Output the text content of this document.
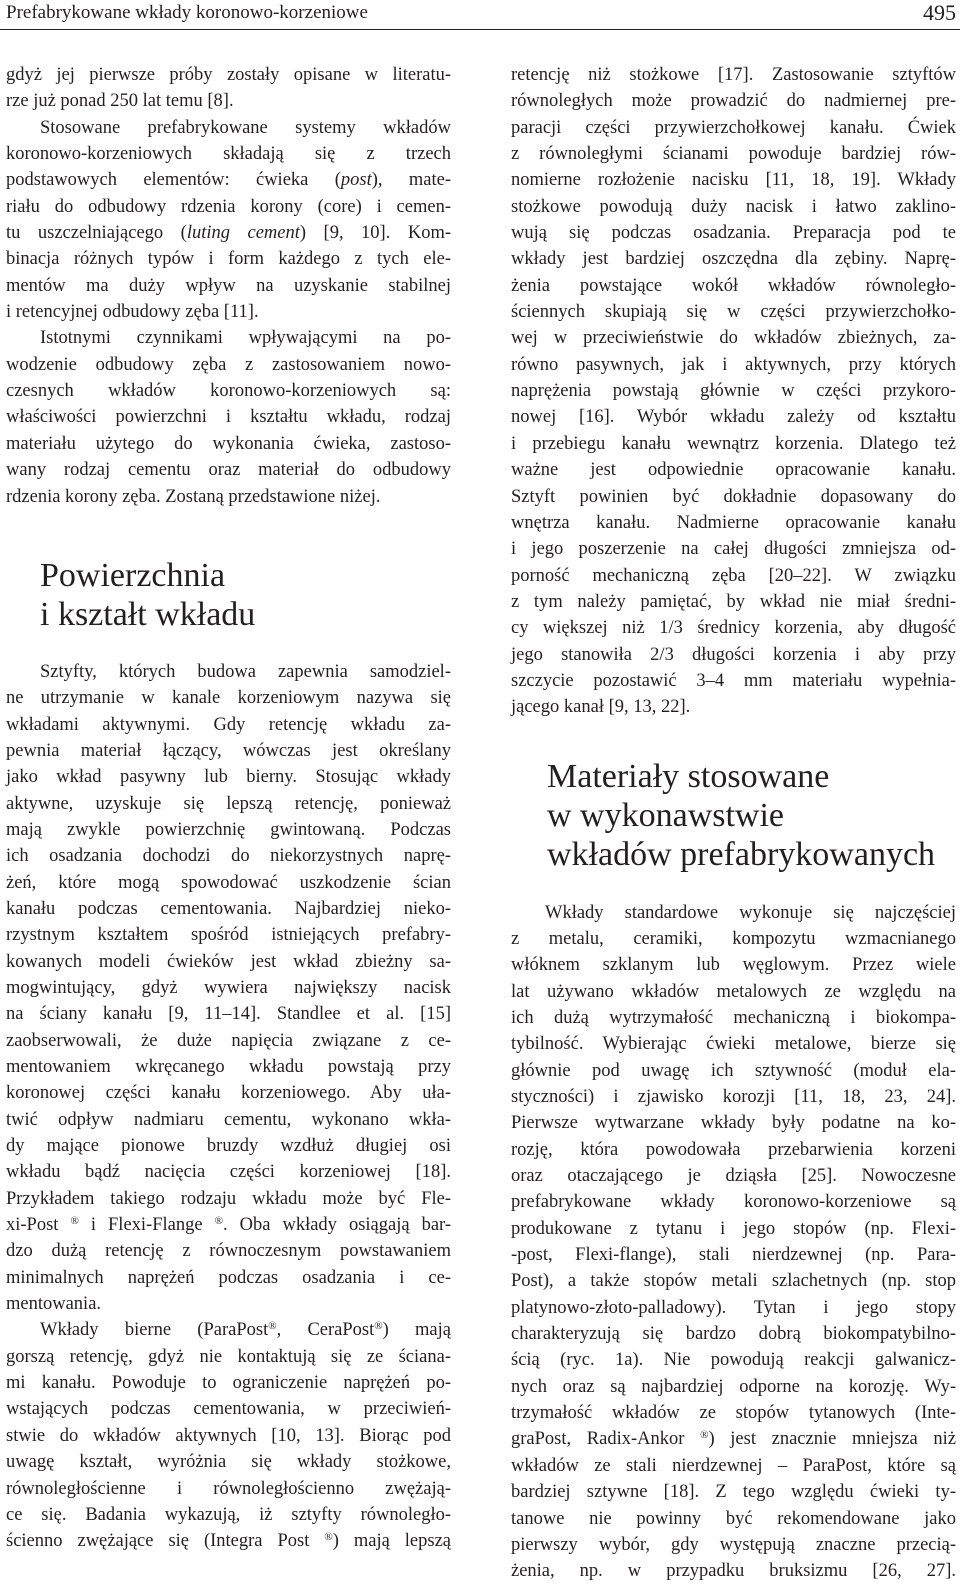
Prefabrykowane wkłady koronowo-korzeniowe	495
gdyż jej pierwsze próby zostały opisane w literatu-
rze już ponad 250 lat temu [8].
Stosowane prefabrykowane systemy wkładów
koronowo-korzeniowych składają się z trzech
podstawowych elementów: ćwieka (post), mate-
riału do odbudowy rdzenia korony (core) i cemen-
tu uszczelniającego (luting cement) [9, 10]. Kom-
binacja różnych typów i form każdego z tych ele-
mentów ma duży wpływ na uzyskanie stabilnej
i retencyjnej odbudowy zęba [11].
Istotnymi czynnikami wpływającymi na po-
wodzenie odbudowy zęba z zastosowaniem nowo-
czesnych wkładów koronowo-korzeniowych są:
właściwości powierzchni i kształtu wkładu, rodzaj
materiału użytego do wykonania ćwieka, zastoso-
wany rodzaj cementu oraz materiał do odbudowy
rdzenia korony zęba. Zostaną przedstawione niżej.
Powierzchnia
i kształt wkładu
Sztyfty, których budowa zapewnia samodziel-
ne utrzymanie w kanale korzeniowym nazywa się
wkładami aktywnymi. Gdy retencję wkładu za-
pewnia materiał łączący, wówczas jest określany
jako wkład pasywny lub bierny. Stosując wkłady
aktywne, uzyskuje się lepszą retencję, ponieważ
mają zwykle powierzchnię gwintowaną. Podczas
ich osadzania dochodzi do niekorzystnych naprę-
żeń, które mogą spowodować uszkodzenie ścian
kanału podczas cementowania. Najbardziej nieko-
rzystnym kształtem spośród istniejących prefabry-
kowanych modeli ćwieków jest wkład zbieżny sa-
mogwintujący, gdyż wywiera największy nacisk
na ściany kanału [9, 11–14]. Standlee et al. [15]
zaobserwowali, że duże napięcia związane z ce-
mentowaniem wkręcanego wkładu powstają przy
koronowej części kanału korzeniowego. Aby uła-
twić odpływ nadmiaru cementu, wykonano wkła-
dy mające pionowe bruzdy wzdłuż długiej osi
wkładu bądź nacięcia części korzeniowej [18].
Przykładem takiego rodzaju wkładu może być Fle-
xi-Post ® i Flexi-Flange ®. Oba wkłady osiągają bar-
dzo dużą retencję z równoczesnym powstawaniem
minimalnych naprężeń podczas osadzania i ce-
mentowania.
Wkłady bierne (ParaPost®, CeraPost®) mają
gorszą retencję, gdyż nie kontaktują się ze ściana-
mi kanału. Powoduje to ograniczenie naprężeń po-
wstających podczas cementowania, w przeciwień-
stwie do wkładów aktywnych [10, 13]. Biorąc pod
uwagę kształt, wyróżnia się wkłady stożkowe,
równoległościenne i równoległościenno zwężają-
ce się. Badania wykazują, iż sztyfty równoległo-
ścienno zwężające się (Integra Post ®) mają lepszą
retencję niż stożkowe [17]. Zastosowanie sztyftów
równoległych może prowadzić do nadmiernej pre-
paracji części przywierzchołkowej kanału. Ćwiek
z równoległymi ścianami powoduje bardziej rów-
nomierne rozłożenie nacisku [11, 18, 19]. Wkłady
stożkowe powodują duży nacisk i łatwo zaklino-
wują się podczas osadzania. Preparacja pod te
wkłady jest bardziej oszczędna dla zębiny. Naprę-
żenia powstające wokół wkładów równoległo-
ściennych skupiają się w części przywierzchołko-
wej w przeciwieństwie do wkładów zbieżnych, za-
równo pasywnych, jak i aktywnych, przy których
naprężenia powstają głównie w części przykoro-
nowej [16]. Wybór wkładu zależy od kształtu
i przebiegu kanału wewnątrz korzenia. Dlatego też
ważne jest odpowiednie opracowanie kanału.
Sztyft powinien być dokładnie dopasowany do
wnętrza kanału. Nadmierne opracowanie kanału
i jego poszerzenie na całej długości zmniejsza od-
porność mechaniczną zęba [20–22]. W związku
z tym należy pamiętać, by wkład nie miał średni-
cy większej niż 1/3 średnicy korzenia, aby długość
jego stanowiła 2/3 długości korzenia i aby przy
szczycie pozostawić 3–4 mm materiału wypełnia-
jącego kanał [9, 13, 22].
Materiały stosowane
w wykonawstwie
wkładów prefabrykowanych
Wkłady standardowe wykonuje się najczęściej
z metalu, ceramiki, kompozytu wzmacnianego
włóknem szklanym lub węglowym. Przez wiele
lat używano wkładów metalowych ze względu na
ich dużą wytrzymałość mechaniczną i biokompa-
tybilność. Wybierając ćwieki metalowe, bierze się
głównie pod uwagę ich sztywność (moduł ela-
styczności) i zjawisko korozji [11, 18, 23, 24].
Pierwsze wytwarzane wkłady były podatne na ko-
rozję, która powodowała przebarwienia korzeni
oraz otaczającego je dziąsła [25]. Nowoczesne
prefabrykowane wkłady koronowo-korzeniowe są
produkowane z tytanu i jego stopów (np. Flexi-
-post, Flexi-flange), stali nierdzewnej (np. Para-
Post), a także stopów metali szlachetnych (np. stop
platynowo-złoto-palladowy). Tytan i jego stopy
charakteryzują się bardzo dobrą biokompatybilno-
ścią (ryc. 1a). Nie powodują reakcji galwanicz-
nych oraz są najbardziej odporne na korozję. Wy-
trzymałość wkładów ze stopów tytanowych (Inte-
graPost, Radix-Ankor ®) jest znacznie mniejsza niż
wkładów ze stali nierdzewnej – ParaPost, które są
bardziej sztywne [18]. Z tego względu ćwieki ty-
tanowe nie powinny być rekomendowane jako
pierwszy wybór, gdy występują znaczne przecią-
żenia, np. w przypadku bruksizmu [26, 27].
